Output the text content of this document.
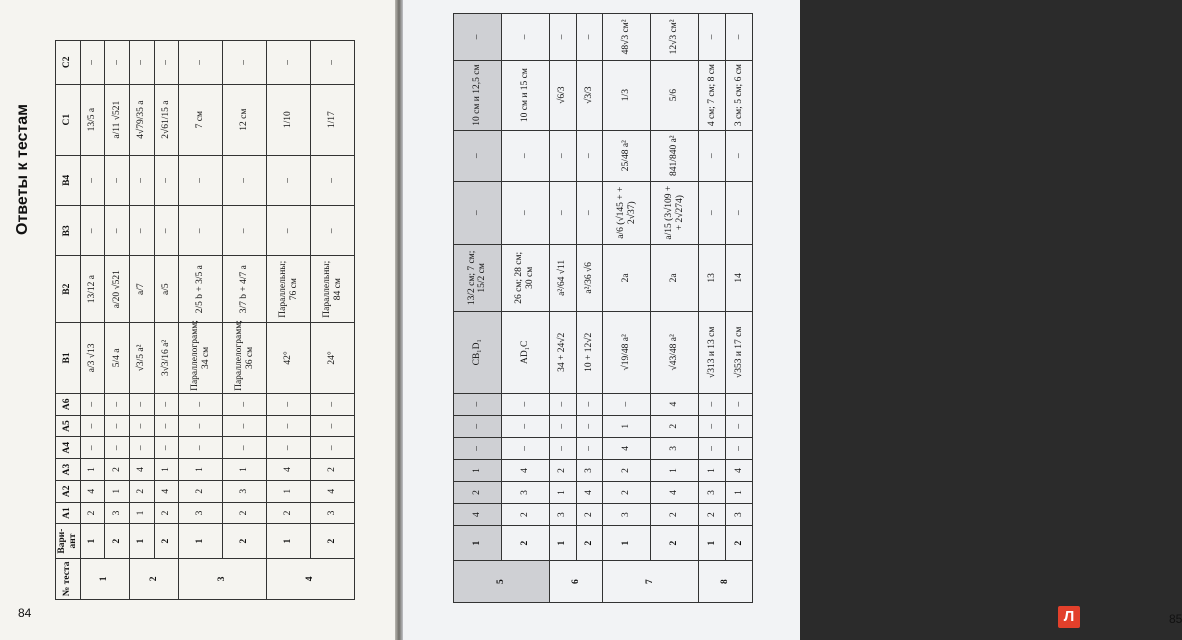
Ответы к тестам
№ теста	Вари-ант	A1	A2	A3	A4	A5	A6	B1	B2	B3	B4	C1	C2
1	1	2	4	1	–	–	–	a/3 √13	13/12 a	–	–	13/5 a	–
	2	3	1	2	–	–	–	5/4 a	a/20 √521	–	–	a/11 √521	–
2	1	1	2	4	–	–	–	√3/5 a²	a/7	–	–	4√79/35 a	–
	2	2	4	1	–	–	–	3√3/16 a²	a/5	–	–	2√61/15 a	–
3	1	3	2	1	–	–	–	Параллелограмм; 34 см	2/5 b + 3/5 a	–	–	7 см	–
	2	2	3	1	–	–	–	Параллелограмм; 36 см	3/7 b + 4/7 a	–	–	12 см	–
4	1	2	1	4	–	–	–	42°	Параллельны; 76 см	–	–	1/10	–
	2	3	4	2	–	–	–	24°	Параллельны; 84 см	–	–	1/17	–
84	Л	85
5	1	4	2	1	–	–	–	CB₁D₁	13/2 см; 7 см; 15/2 см	–	–	10 см и 12,5 см	–
	2	2	3	4	–	–	–	AD₁C	26 см; 28 см; 30 см	–	–	10 см и 15 см	–
6	1	3	1	2	–	–	–	34 + 24√2	a²/64 √11	–	–	√6/3	–
	2	2	4	3	–	–	–	10 + 12√2	a²/36 √6	–	–	√3/3	–
7	1	3	2	2	4	1	–	√19/48 a²	2a	a/6 (√145 + + 2√37)	25/48 a²	1/3	48√3 см²
	2	2	4	1	3	2	4	√43/48 a²	2a	a/15 (3√109 + + 2√274)	841/840 a²	5/6	12√3 см²
8	1	2	3	1	–	–	–	√313 и 13 см	13	–	–	4 см; 7 см; 8 см	–
	2	3	1	4	–	–	–	√353 и 17 см	14	–	–	3 см; 5 см; 6 см	–
